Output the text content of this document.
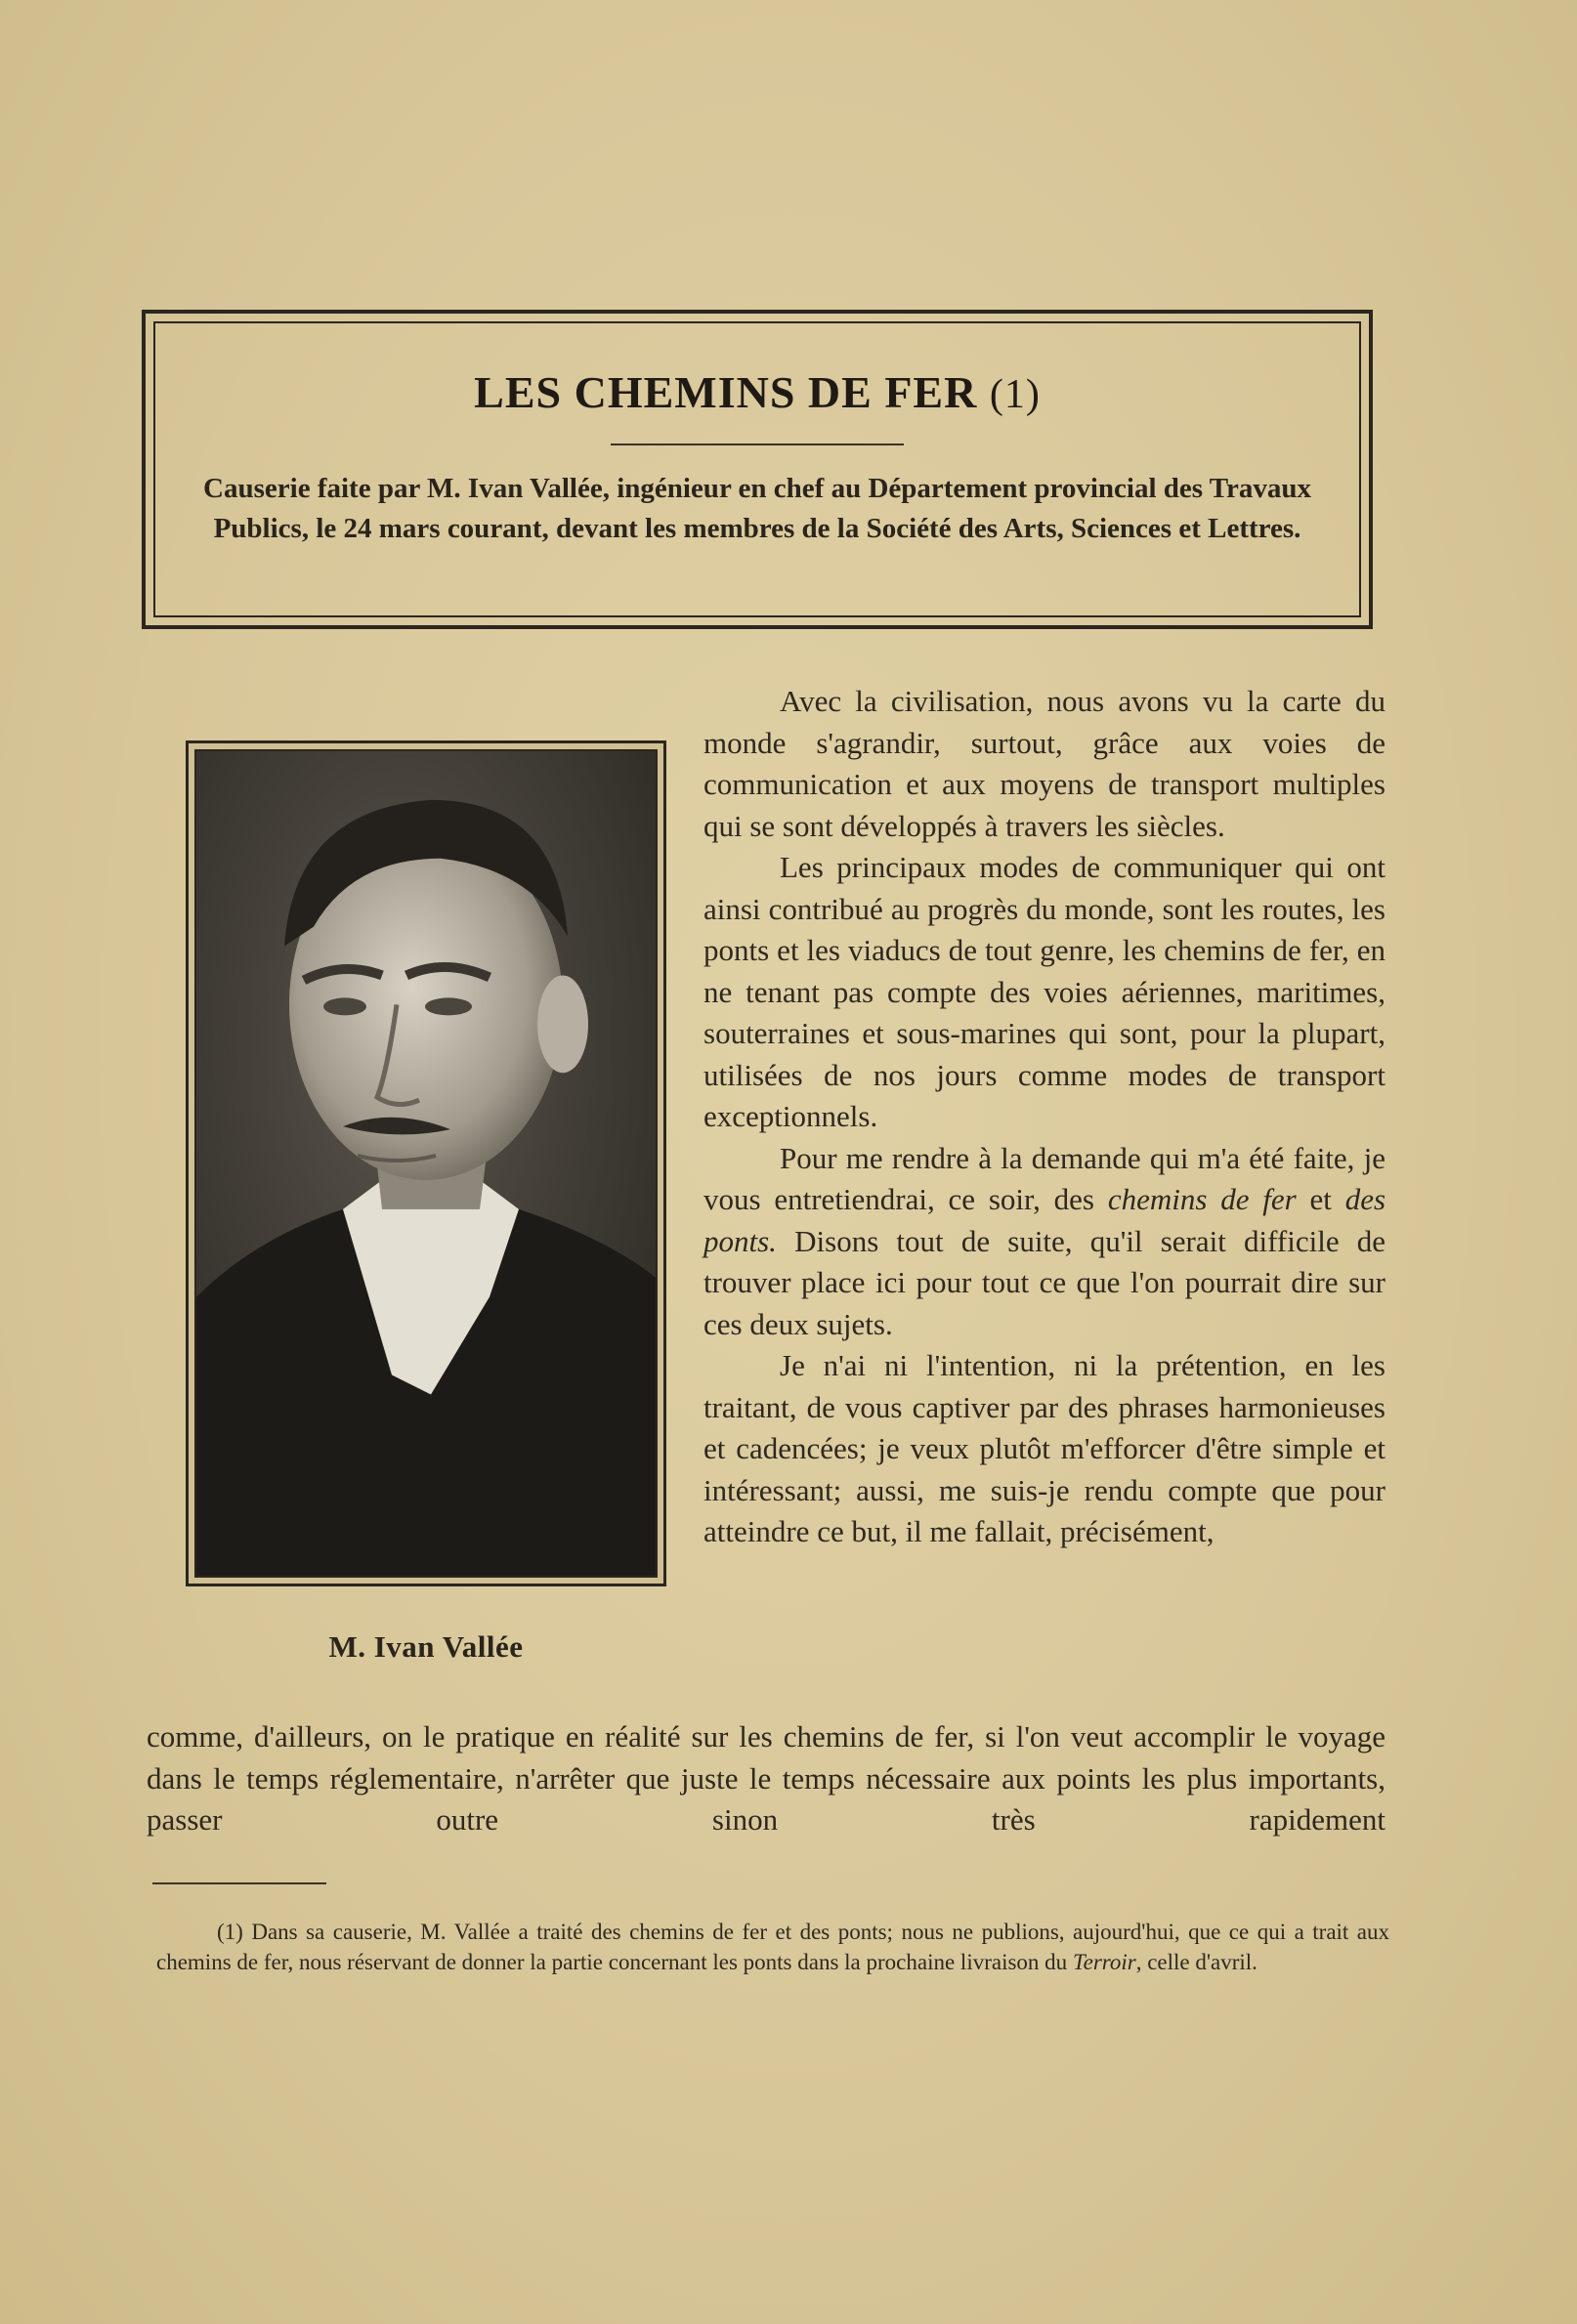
LES CHEMINS DE FER (1)
Causerie faite par M. Ivan Vallée, ingénieur en chef au Département provincial des Travaux Publics, le 24 mars courant, devant les membres de la Société des Arts, Sciences et Lettres.
M. Ivan Vallée

Avec la civilisation, nous avons vu la carte du monde s'agrandir, surtout, grâce aux voies de communication et aux moyens de transport multiples qui se sont développés à travers les siècles.

Les principaux modes de communiquer qui ont ainsi contribué au progrès du monde, sont les routes, les ponts et les viaducs de tout genre, les chemins de fer, en ne tenant pas compte des voies aériennes, maritimes, souterraines et sous-marines qui sont, pour la plupart, utilisées de nos jours comme modes de transport exceptionnels.

Pour me rendre à la demande qui m'a été faite, je vous entretiendrai, ce soir, des chemins de fer et des ponts. Disons tout de suite, qu'il serait difficile de trouver place ici pour tout ce que l'on pourrait dire sur ces deux sujets.

Je n'ai ni l'intention, ni la prétention, en les traitant, de vous captiver par des phrases harmonieuses et cadencées; je veux plutôt m'efforcer d'être simple et intéressant; aussi, me suis-je rendu compte que pour atteindre ce but, il me fallait, précisément,

comme, d'ailleurs, on le pratique en réalité sur les chemins de fer, si l'on veut accomplir le voyage dans le temps réglementaire, n'arrêter que juste le temps nécessaire aux points les plus importants, passer outre sinon très rapidement

(1) Dans sa causerie, M. Vallée a traité des chemins de fer et des ponts; nous ne publions, aujourd'hui, que ce qui a trait aux chemins de fer, nous réservant de donner la partie concernant les ponts dans la prochaine livraison du Terroir, celle d'avril.
